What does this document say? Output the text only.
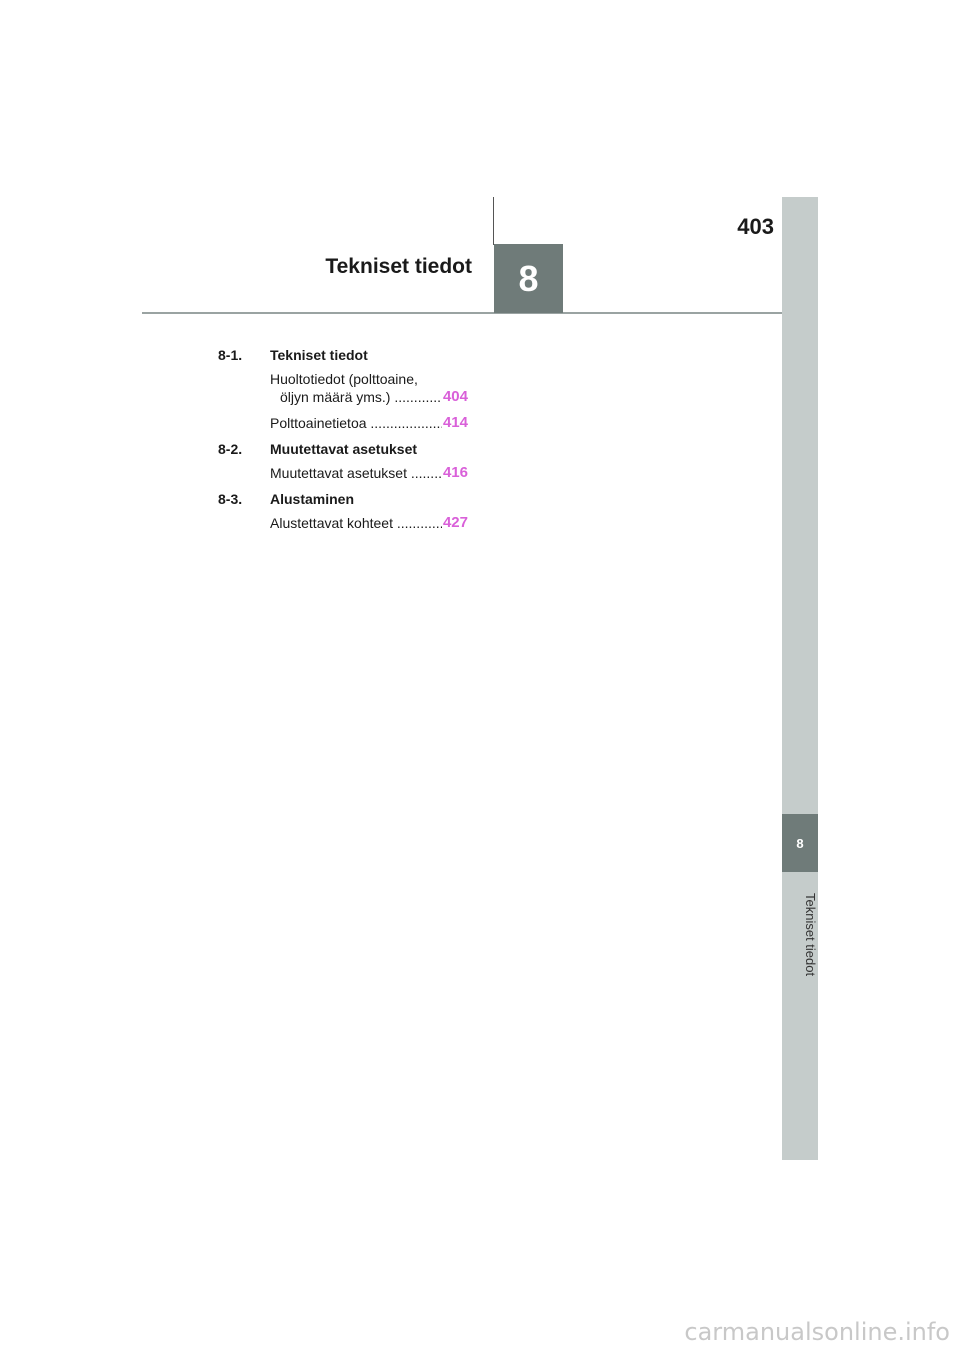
8
Tekniset tiedot
8
Tekniset tiedot
403
8-1.	Tekniset tiedot
Huoltotiedot (polttoaine,
öljyn määrä yms.) .....	404
Polttoainetietoa .....	414
8-2.	Muutettavat asetukset
Muutettavat asetukset .....	416
8-3.	Alustaminen
Alustettavat kohteet .....	427
carmanualsonline.info
